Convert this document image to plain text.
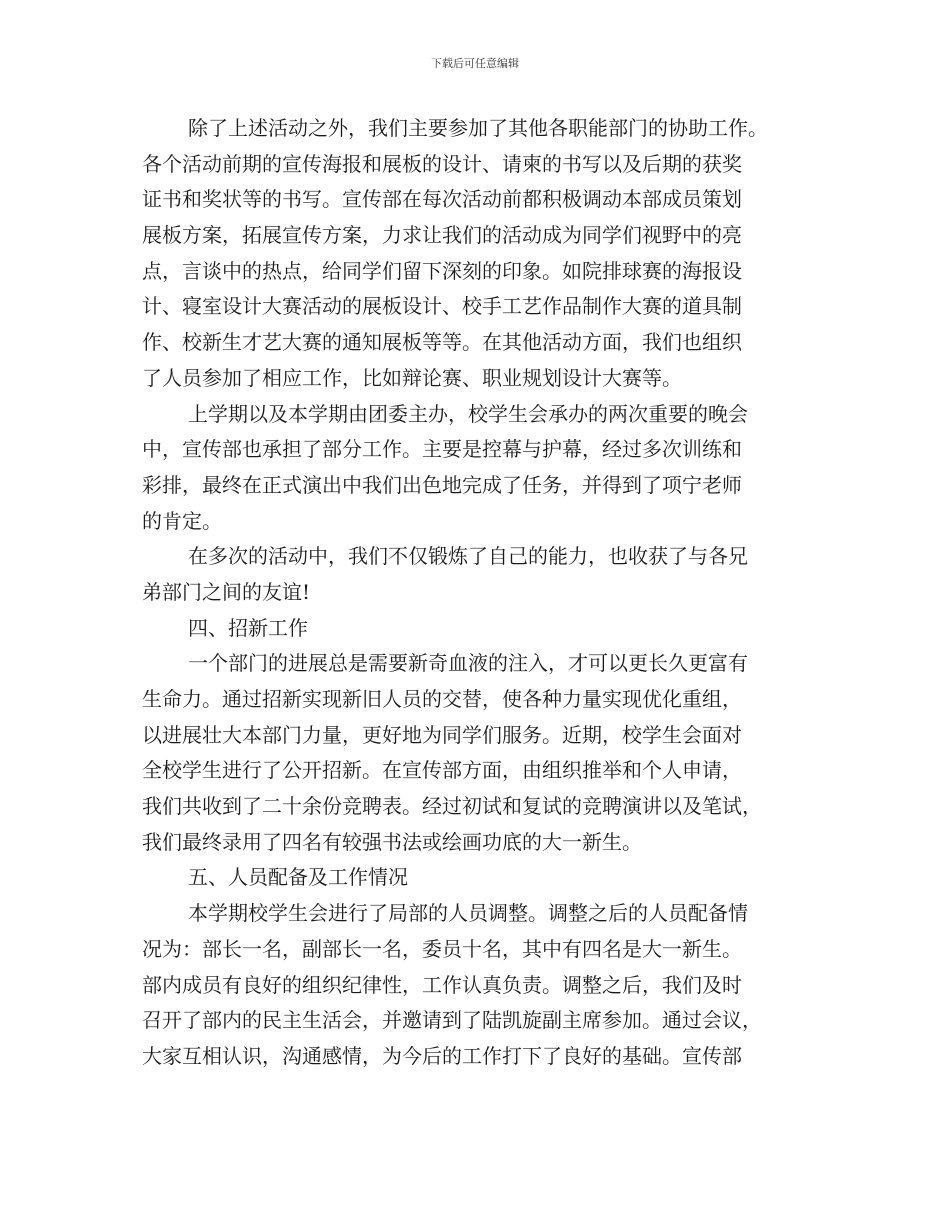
下载后可任意编辑
除了上述活动之外，我们主要参加了其他各职能部门的协助工作。
各个活动前期的宣传海报和展板的设计、请柬的书写以及后期的获奖
证书和奖状等的书写。宣传部在每次活动前都积极调动本部成员策划
展板方案，拓展宣传方案，力求让我们的活动成为同学们视野中的亮
点，言谈中的热点，给同学们留下深刻的印象。如院排球赛的海报设
计、寝室设计大赛活动的展板设计、校手工艺作品制作大赛的道具制
作、校新生才艺大赛的通知展板等等。在其他活动方面，我们也组织
了人员参加了相应工作，比如辩论赛、职业规划设计大赛等。
上学期以及本学期由团委主办，校学生会承办的两次重要的晚会
中，宣传部也承担了部分工作。主要是控幕与护幕，经过多次训练和
彩排，最终在正式演出中我们出色地完成了任务，并得到了项宁老师
的肯定。
在多次的活动中，我们不仅锻炼了自己的能力，也收获了与各兄
弟部门之间的友谊!
四、招新工作
一个部门的进展总是需要新奇血液的注入，才可以更长久更富有
生命力。通过招新实现新旧人员的交替，使各种力量实现优化重组，
以进展壮大本部门力量，更好地为同学们服务。近期，校学生会面对
全校学生进行了公开招新。在宣传部方面，由组织推举和个人申请，
我们共收到了二十余份竞聘表。经过初试和复试的竞聘演讲以及笔试，
我们最终录用了四名有较强书法或绘画功底的大一新生。
五、人员配备及工作情况
本学期校学生会进行了局部的人员调整。调整之后的人员配备情
况为：部长一名，副部长一名，委员十名，其中有四名是大一新生。
部内成员有良好的组织纪律性，工作认真负责。调整之后，我们及时
召开了部内的民主生活会，并邀请到了陆凯旋副主席参加。通过会议，
大家互相认识，沟通感情，为今后的工作打下了良好的基础。宣传部
